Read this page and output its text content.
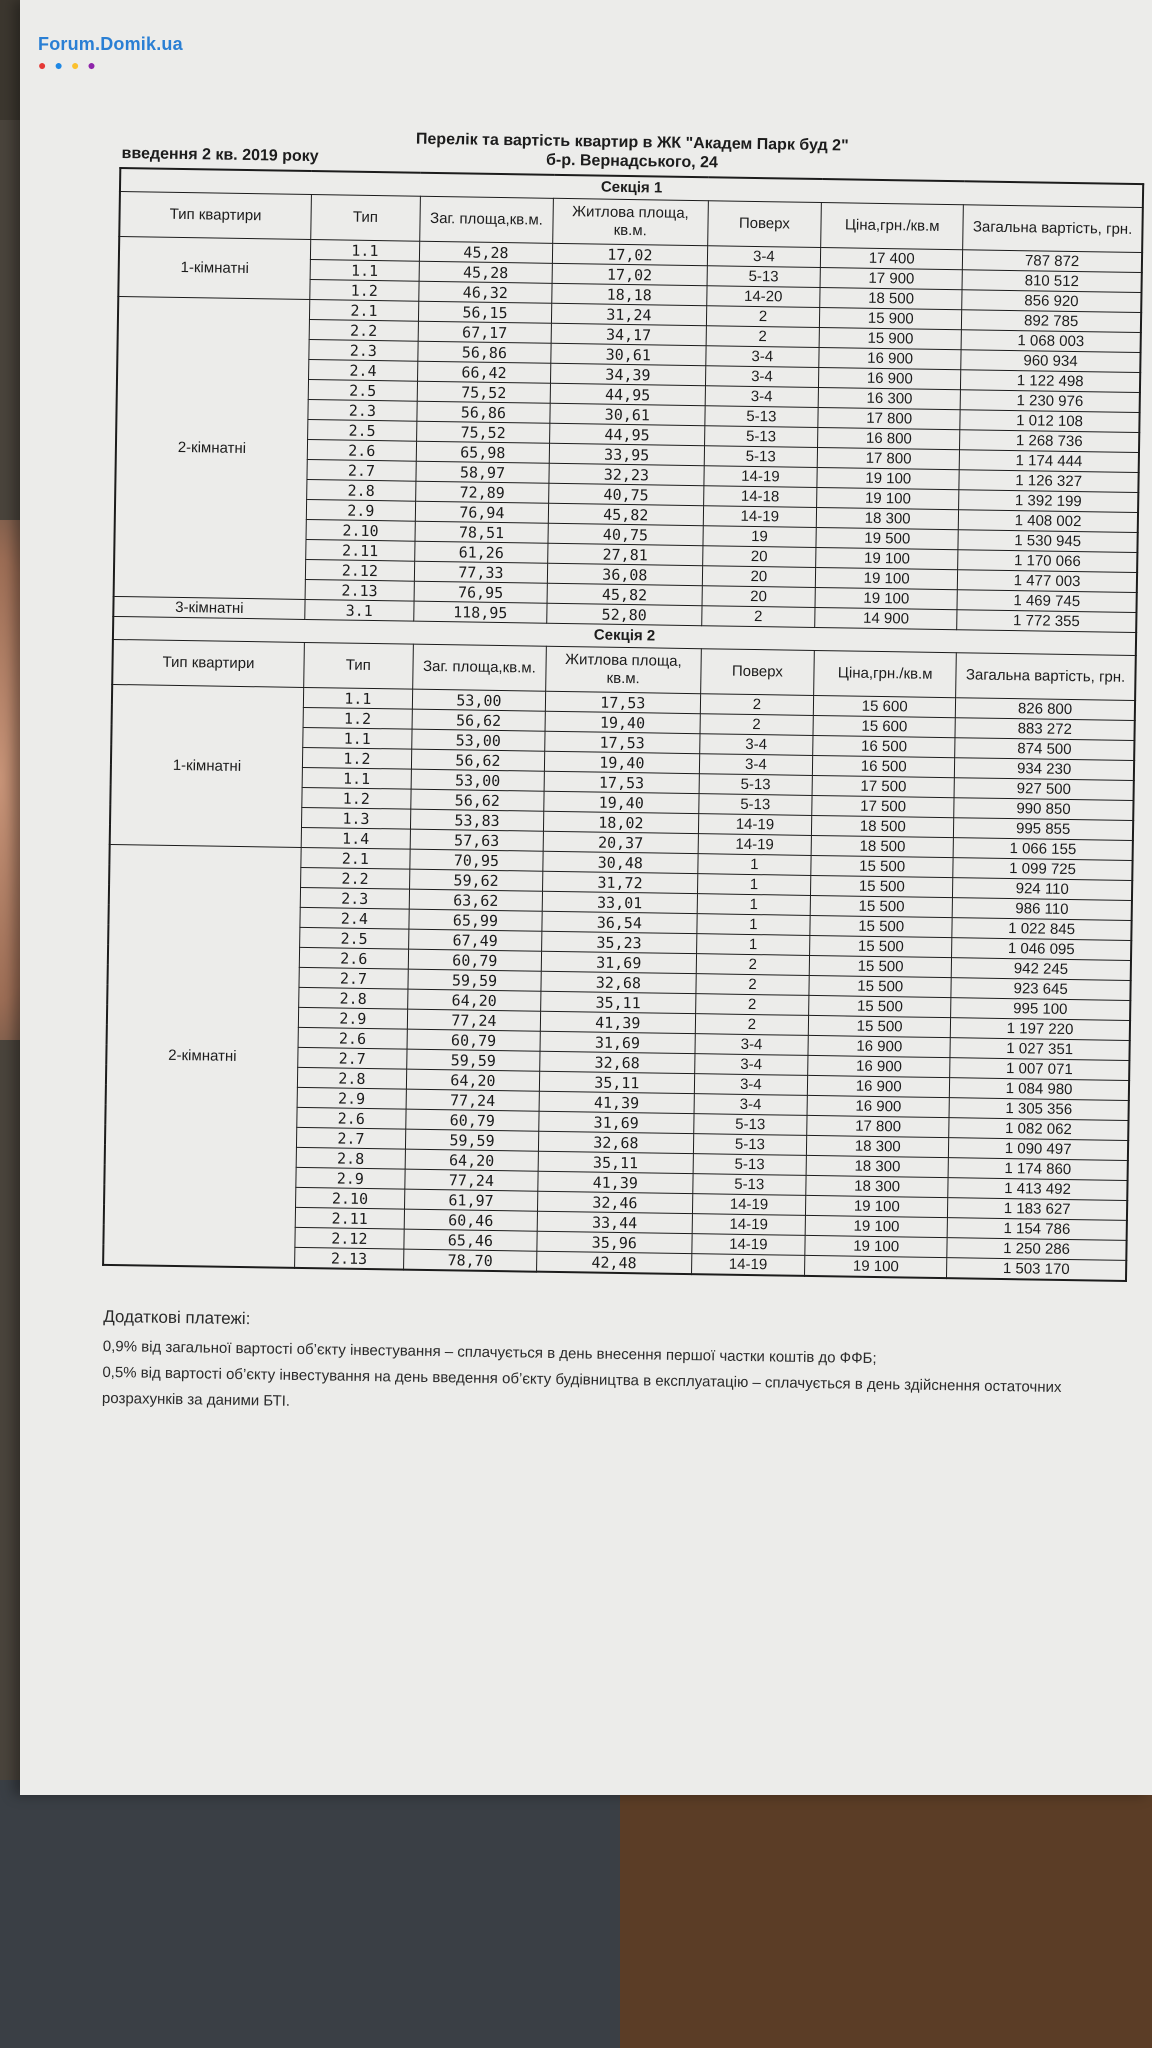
Forum.Domik.ua
●●●●
Перелік та вартість квартир в ЖК "Академ Парк буд 2"
введення 2 кв. 2019 року	б-р. Вернадського, 24
Секція 1						
Тип квартири	Тип	Заг. площа,кв.м.	Житлова площа, кв.м.	Поверх	Ціна,грн./кв.м	Загальна вартість, грн.
1-кімнатні	1.1	45,28	17,02	3-4	17 400	787 872
	1.1	45,28	17,02	5-13	17 900	810 512
	1.2	46,32	18,18	14-20	18 500	856 920
2-кімнатні	2.1	56,15	31,24	2	15 900	892 785
	2.2	67,17	34,17	2	15 900	1 068 003
	2.3	56,86	30,61	3-4	16 900	960 934
	2.4	66,42	34,39	3-4	16 900	1 122 498
	2.5	75,52	44,95	3-4	16 300	1 230 976
	2.3	56,86	30,61	5-13	17 800	1 012 108
	2.5	75,52	44,95	5-13	16 800	1 268 736
	2.6	65,98	33,95	5-13	17 800	1 174 444
	2.7	58,97	32,23	14-19	19 100	1 126 327
	2.8	72,89	40,75	14-18	19 100	1 392 199
	2.9	76,94	45,82	14-19	18 300	1 408 002
	2.10	78,51	40,75	19	19 500	1 530 945
	2.11	61,26	27,81	20	19 100	1 170 066
	2.12	77,33	36,08	20	19 100	1 477 003
	2.13	76,95	45,82	20	19 100	1 469 745
3-кімнатні	3.1	118,95	52,80	2	14 900	1 772 355
Секція 2						
Тип квартири	Тип	Заг. площа,кв.м.	Житлова площа, кв.м.	Поверх	Ціна,грн./кв.м	Загальна вартість, грн.
1-кімнатні	1.1	53,00	17,53	2	15 600	826 800
	1.2	56,62	19,40	2	15 600	883 272
	1.1	53,00	17,53	3-4	16 500	874 500
	1.2	56,62	19,40	3-4	16 500	934 230
	1.1	53,00	17,53	5-13	17 500	927 500
	1.2	56,62	19,40	5-13	17 500	990 850
	1.3	53,83	18,02	14-19	18 500	995 855
	1.4	57,63	20,37	14-19	18 500	1 066 155
2-кімнатні	2.1	70,95	30,48	1	15 500	1 099 725
	2.2	59,62	31,72	1	15 500	924 110
	2.3	63,62	33,01	1	15 500	986 110
	2.4	65,99	36,54	1	15 500	1 022 845
	2.5	67,49	35,23	1	15 500	1 046 095
	2.6	60,79	31,69	2	15 500	942 245
	2.7	59,59	32,68	2	15 500	923 645
	2.8	64,20	35,11	2	15 500	995 100
	2.9	77,24	41,39	2	15 500	1 197 220
	2.6	60,79	31,69	3-4	16 900	1 027 351
	2.7	59,59	32,68	3-4	16 900	1 007 071
	2.8	64,20	35,11	3-4	16 900	1 084 980
	2.9	77,24	41,39	3-4	16 900	1 305 356
	2.6	60,79	31,69	5-13	17 800	1 082 062
	2.7	59,59	32,68	5-13	18 300	1 090 497
	2.8	64,20	35,11	5-13	18 300	1 174 860
	2.9	77,24	41,39	5-13	18 300	1 413 492
	2.10	61,97	32,46	14-19	19 100	1 183 627
	2.11	60,46	33,44	14-19	19 100	1 154 786
	2.12	65,46	35,96	14-19	19 100	1 250 286
	2.13	78,70	42,48	14-19	19 100	1 503 170
Додаткові платежі:
0,9% від загальної вартості об’єкту інвестування – сплачується в день внесення першої частки коштів до ФФБ;
0,5% від вартості об’єкту інвестування на день введення об’єкту будівництва в експлуатацію – сплачується в день здійснення остаточних розрахунків за даними БТІ.
